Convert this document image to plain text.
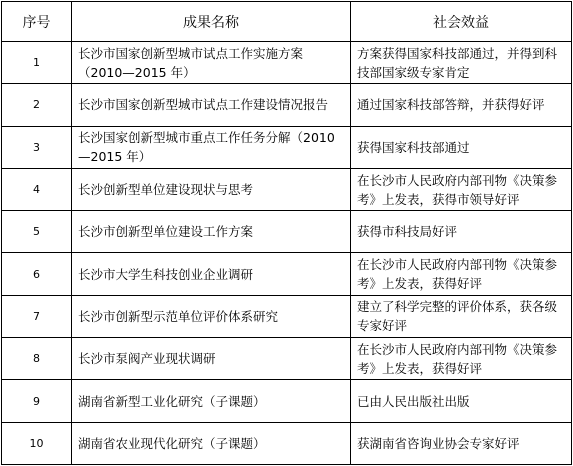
序号	成果名称	社会效益
1	长沙市国家创新型城市试点工作实施方案（2010—2015 年）	方案获得国家科技部通过，并得到科技部国家级专家肯定
2	长沙市国家创新型城市试点工作建设情况报告	通过国家科技部答辩，并获得好评
3	长沙国家创新型城市重点工作任务分解（2010—2015 年）	获得国家科技部通过
4	长沙创新型单位建设现状与思考	在长沙市人民政府内部刊物《决策参考》上发表，获得市领导好评
5	长沙市创新型单位建设工作方案	获得市科技局好评
6	长沙市大学生科技创业企业调研	在长沙市人民政府内部刊物《决策参考》上发表，获得好评
7	长沙市创新型示范单位评价体系研究	建立了科学完整的评价体系，获各级专家好评
8	长沙市泵阀产业现状调研	在长沙市人民政府内部刊物《决策参考》上发表，获得好评
9	湖南省新型工业化研究（子课题）	已由人民出版社出版
10	湖南省农业现代化研究（子课题）	获湖南省咨询业协会专家好评
